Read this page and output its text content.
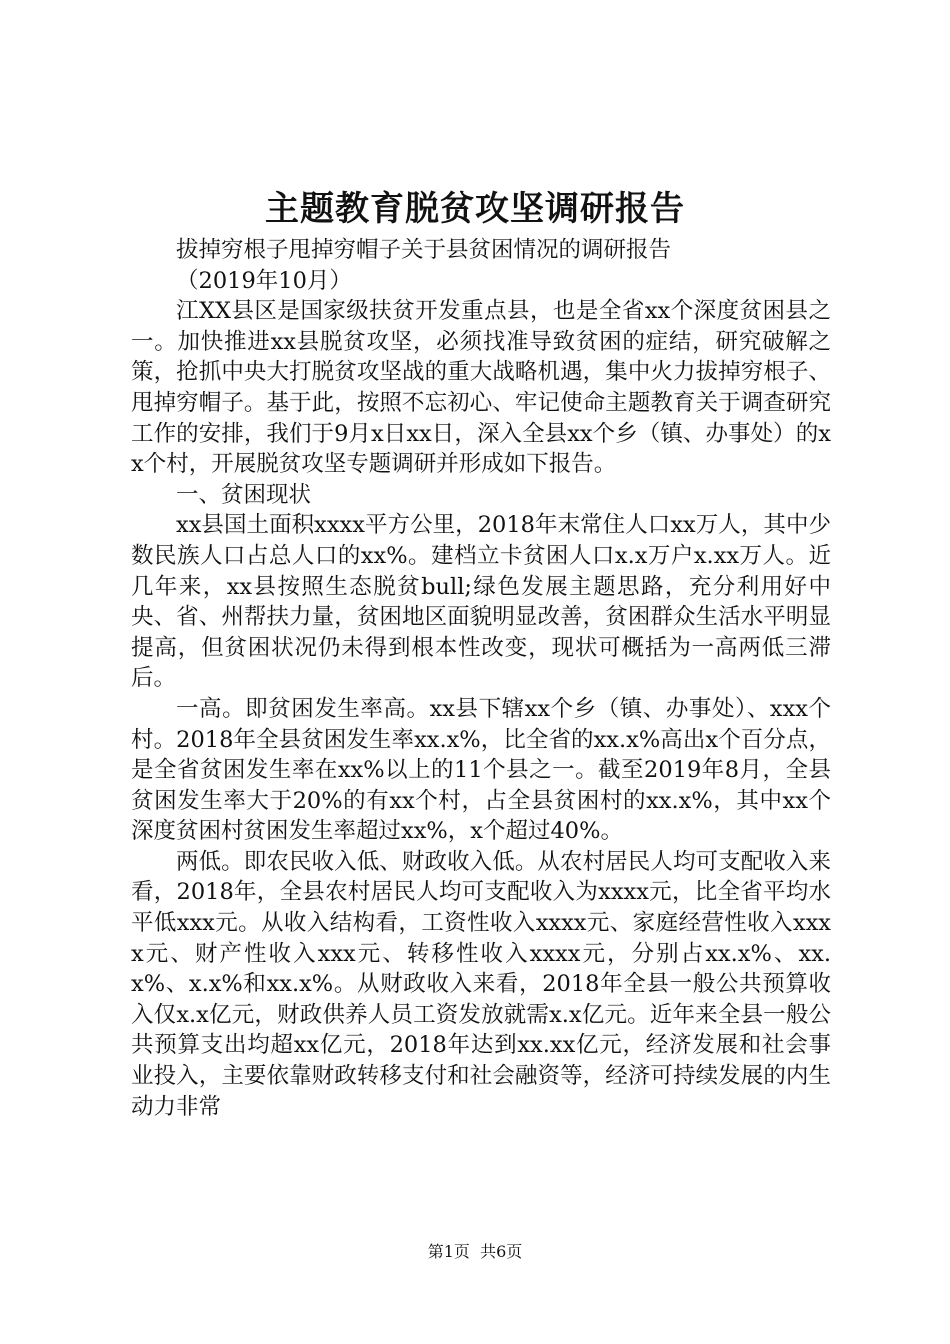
主题教育脱贫攻坚调研报告

拔掉穷根子甩掉穷帽子关于县贫困情况的调研报告

（2019年10月）

江XX县区是国家级扶贫开发重点县，也是全省xx个深度贫困县之一。加快推进xx县脱贫攻坚，必须找准导致贫困的症结，研究破解之策，抢抓中央大打脱贫攻坚战的重大战略机遇，集中火力拔掉穷根子、甩掉穷帽子。基于此，按照不忘初心、牢记使命主题教育关于调查研究工作的安排，我们于9月x日xx日，深入全县xx个乡（镇、办事处）的xx个村，开展脱贫攻坚专题调研并形成如下报告。

一、贫困现状

xx县国土面积xxxx平方公里，2018年末常住人口xx万人，其中少数民族人口占总人口的xx%。建档立卡贫困人口x.x万户x.xx万人。近几年来，xx县按照生态脱贫bull;绿色发展主题思路，充分利用好中央、省、州帮扶力量，贫困地区面貌明显改善，贫困群众生活水平明显提高，但贫困状况仍未得到根本性改变，现状可概括为一高两低三滞后。

一高。即贫困发生率高。xx县下辖xx个乡（镇、办事处）、xxx个村。2018年全县贫困发生率xx.x%，比全省的xx.x%高出x个百分点，是全省贫困发生率在xx%以上的11个县之一。截至2019年8月，全县贫困发生率大于20%的有xx个村，占全县贫困村的xx.x%，其中xx个深度贫困村贫困发生率超过xx%，x个超过40%。

两低。即农民收入低、财政收入低。从农村居民人均可支配收入来看，2018年，全县农村居民人均可支配收入为xxxx元，比全省平均水平低xxx元。从收入结构看，工资性收入xxxx元、家庭经营性收入xxxx元、财产性收入xxx元、转移性收入xxxx元，分别占xx.x%、xx.x%、x.x%和xx.x%。从财政收入来看，2018年全县一般公共预算收入仅x.x亿元，财政供养人员工资发放就需x.x亿元。近年来全县一般公共预算支出均超xx亿元，2018年达到xx.xx亿元，经济发展和社会事业投入，主要依靠财政转移支付和社会融资等，经济可持续发展的内生动力非常

第1页  共6页
